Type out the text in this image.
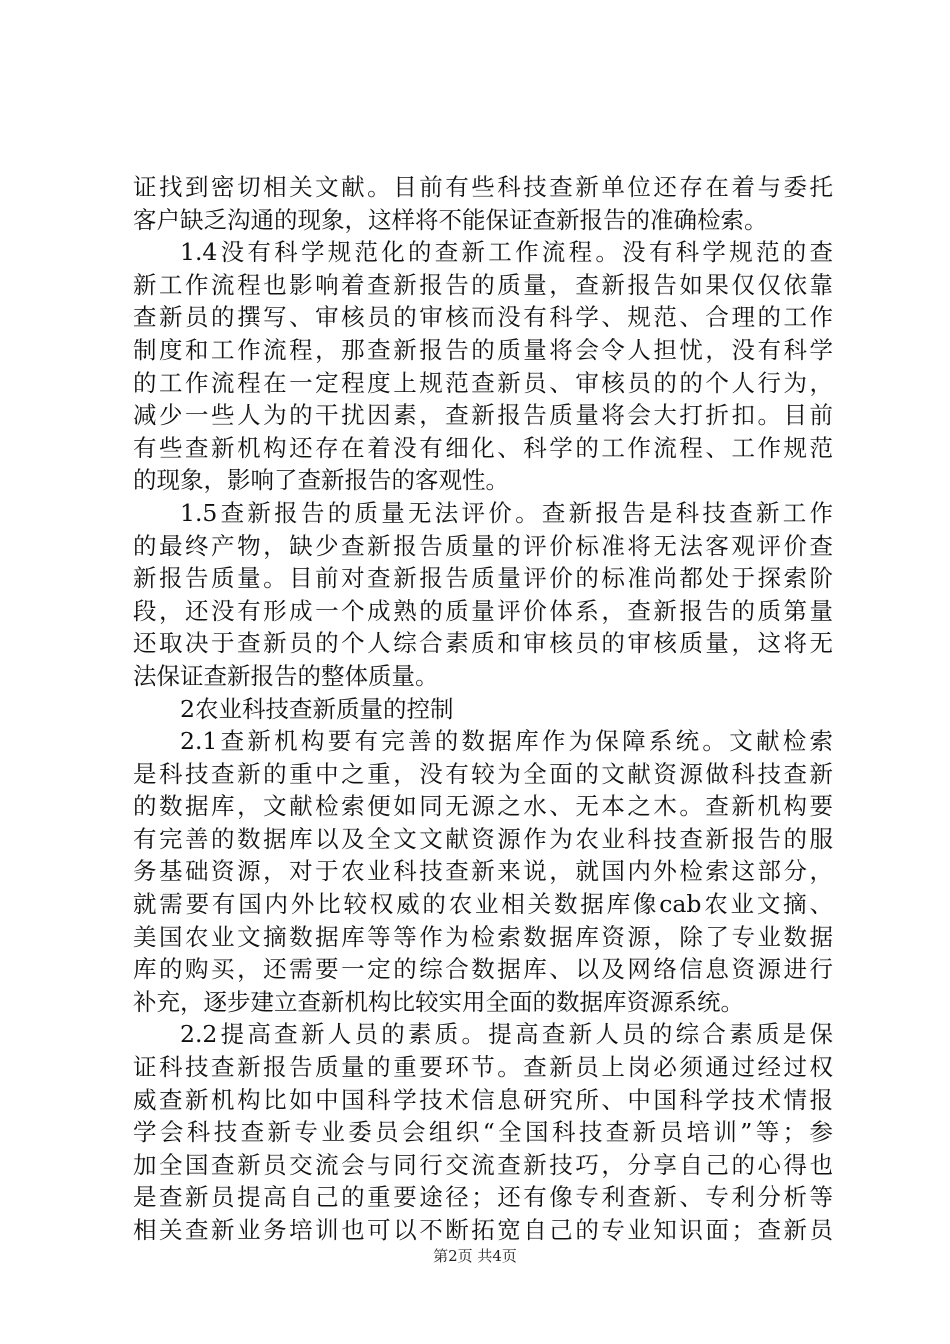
证找到密切相关文献。目前有些科技查新单位还存在着与委托
客户缺乏沟通的现象，这样将不能保证查新报告的准确检索。
1.4没有科学规范化的查新工作流程。没有科学规范的查
新工作流程也影响着查新报告的质量，查新报告如果仅仅依靠
查新员的撰写、审核员的审核而没有科学、规范、合理的工作
制度和工作流程，那查新报告的质量将会令人担忧，没有科学
的工作流程在一定程度上规范查新员、审核员的的个人行为，
减少一些人为的干扰因素，查新报告质量将会大打折扣。目前
有些查新机构还存在着没有细化、科学的工作流程、工作规范
的现象，影响了查新报告的客观性。
1.5查新报告的质量无法评价。查新报告是科技查新工作
的最终产物，缺少查新报告质量的评价标准将无法客观评价查
新报告质量。目前对查新报告质量评价的标准尚都处于探索阶
段，还没有形成一个成熟的质量评价体系，查新报告的质第量
还取决于查新员的个人综合素质和审核员的审核质量，这将无
法保证查新报告的整体质量。
2农业科技查新质量的控制
2.1查新机构要有完善的数据库作为保障系统。文献检索
是科技查新的重中之重，没有较为全面的文献资源做科技查新
的数据库，文献检索便如同无源之水、无本之木。查新机构要
有完善的数据库以及全文文献资源作为农业科技查新报告的服
务基础资源，对于农业科技查新来说，就国内外检索这部分，
就需要有国内外比较权威的农业相关数据库像cab农业文摘、
美国农业文摘数据库等等作为检索数据库资源，除了专业数据
库的购买，还需要一定的综合数据库、以及网络信息资源进行
补充，逐步建立查新机构比较实用全面的数据库资源系统。
2.2提高查新人员的素质。提高查新人员的综合素质是保
证科技查新报告质量的重要环节。查新员上岗必须通过经过权
威查新机构比如中国科学技术信息研究所、中国科学技术情报
学会科技查新专业委员会组织“全国科技查新员培训”等；参
加全国查新员交流会与同行交流查新技巧，分享自己的心得也
是查新员提高自己的重要途径；还有像专利查新、专利分析等
相关查新业务培训也可以不断拓宽自己的专业知识面；查新员
第2页 共4页
